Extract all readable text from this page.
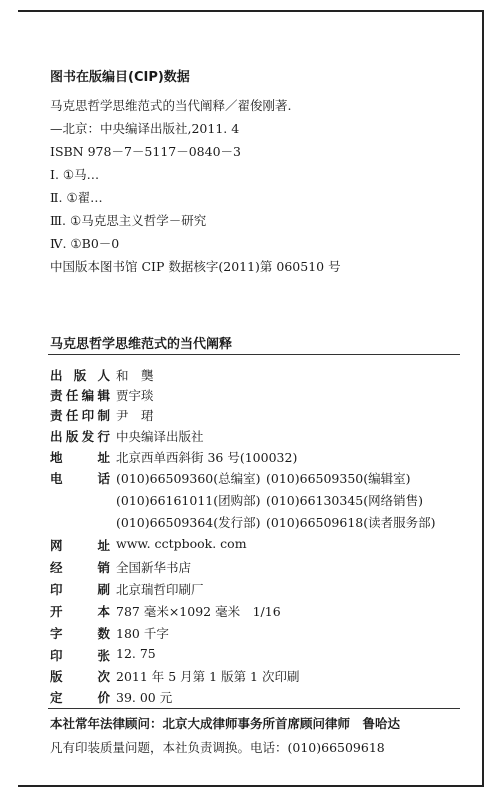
图书在版编目(CIP)数据
马克思哲学思维范式的当代阐释／翟俊刚著.
—北京：中央编译出版社,2011. 4
ISBN 978－7－5117－0840－3
Ⅰ. ①马…
Ⅱ. ①翟…
Ⅲ. ①马克思主义哲学－研究
Ⅳ. ①B0－0
中国版本图书馆 CIP 数据核字(2011)第 060510 号
马克思哲学思维范式的当代阐释
出 版 人 和　龑
责 任 编 辑 贾宇琰
责 任 印 制 尹　珺
出 版 发 行 中央编译出版社
地	址 北京西单西斜街 36 号(100032)
电	话 (010)66509360(总编室) (010)66509350(编辑室)
(010)66161011(团购部) (010)66130345(网络销售)
(010)66509364(发行部) (010)66509618(读者服务部)
网	址 www. cctpbook. com
经	销 全国新华书店
印	刷 北京瑞哲印刷厂
开	本 787 毫米×1092 毫米　1/16
字	数 180 千字
印	张 12. 75
版	次 2011 年 5 月第 1 版第 1 次印刷
定	价 39. 00 元
本社常年法律顾问：北京大成律师事务所首席顾问律师　鲁哈达
凡有印装质量问题，本社负责调换。电话：(010)66509618
